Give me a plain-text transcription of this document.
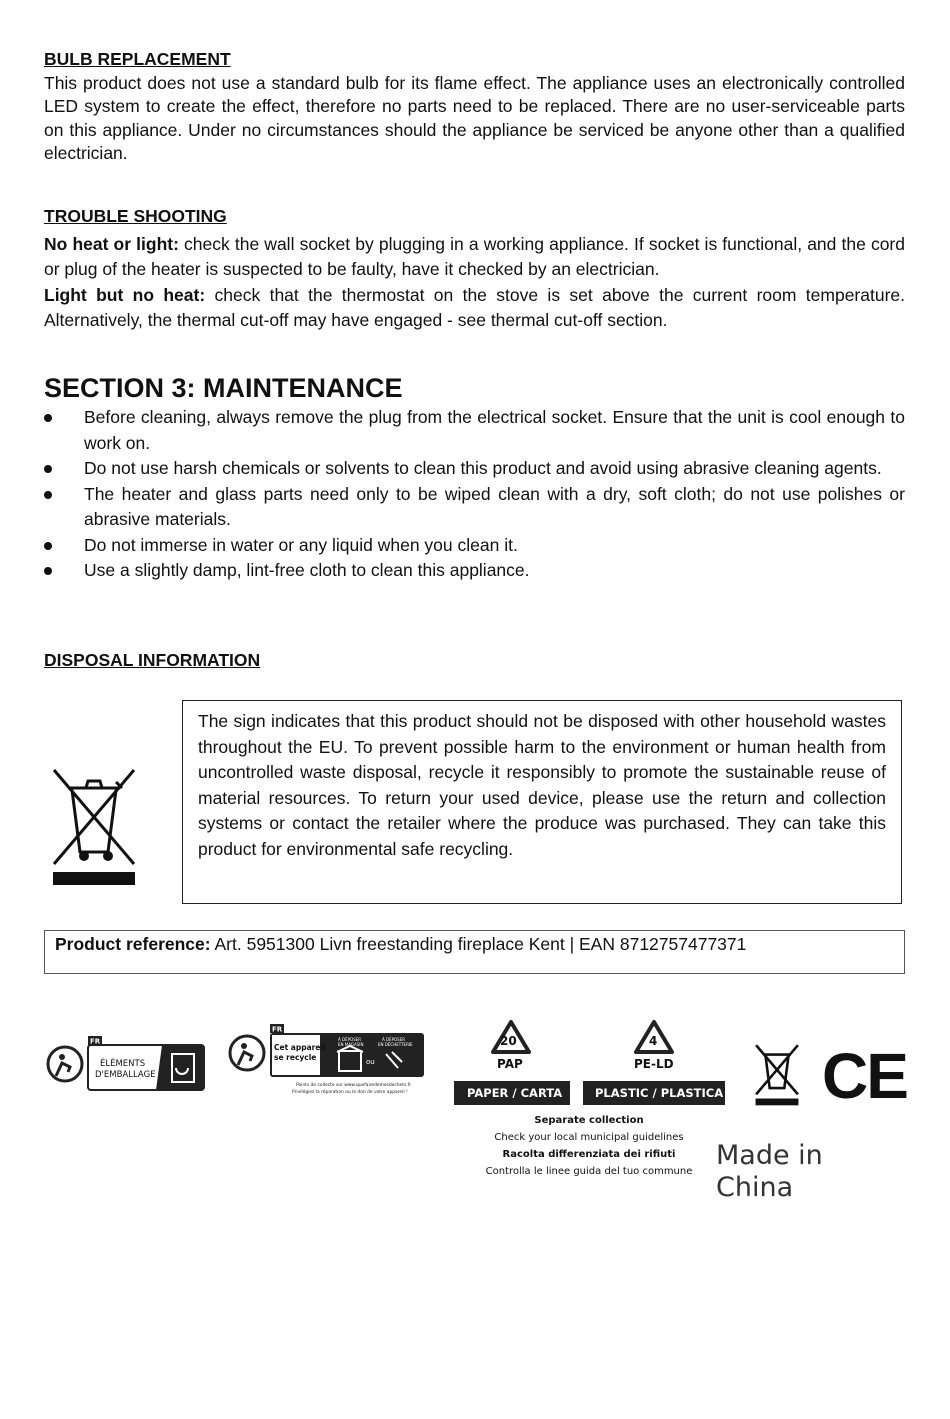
BULB REPLACEMENT

This product does not use a standard bulb for its flame effect. The appliance uses an electronically controlled LED system to create the effect, therefore no parts need to be replaced. There are no user-serviceable parts on this appliance. Under no circumstances should the appliance be serviced be anyone other than a qualified electrician.

TROUBLE SHOOTING

No heat or light: check the wall socket by plugging in a working appliance. If socket is functional, and the cord or plug of the heater is suspected to be faulty, have it checked by an electrician.

Light but no heat: check that the thermostat on the stove is set above the current room temperature. Alternatively, the thermal cut-off may have engaged - see thermal cut-off section.

SECTION 3: MAINTENANCE

Before cleaning, always remove the plug from the electrical socket. Ensure that the unit is cool enough to work on.
Do not use harsh chemicals or solvents to clean this product and avoid using abrasive cleaning agents.
The heater and glass parts need only to be wiped clean with a dry, soft cloth; do not use polishes or abrasive materials.
Do not immerse in water or any liquid when you clean it.
Use a slightly damp, lint-free cloth to clean this appliance.

DISPOSAL INFORMATION

The sign indicates that this product should not be disposed with other household wastes throughout the EU. To prevent possible harm to the environment or human health from uncontrolled waste disposal, recycle it responsibly to promote the sustainable reuse of material resources. To return your used device, please use the return and collection systems or contact the retailer where the produce was purchased. They can take this product for environmental safe recycling.

Product reference: Art. 5951300 Livn freestanding fireplace Kent | EAN 8712757477371
FR
ÉLÉMENTS
D'EMBALLAGE
FR
Cet appareil
se recycle
À DÉPOSER
EN MAGASIN
À DÉPOSER
EN DÉCHETTERIE
ou
Points de collecte sur www.quefairedemesdechets.fr
Privilégiez la réparation ou le don de votre appareil !
20
PAP
PAPER / CARTA
4
PE-LD
PLASTIC / PLASTICA
Separate collection
Check your local municipal guidelines
Racolta differenziata dei rifiuti
Controlla le linee guida del tuo commune
CE
Made in China
